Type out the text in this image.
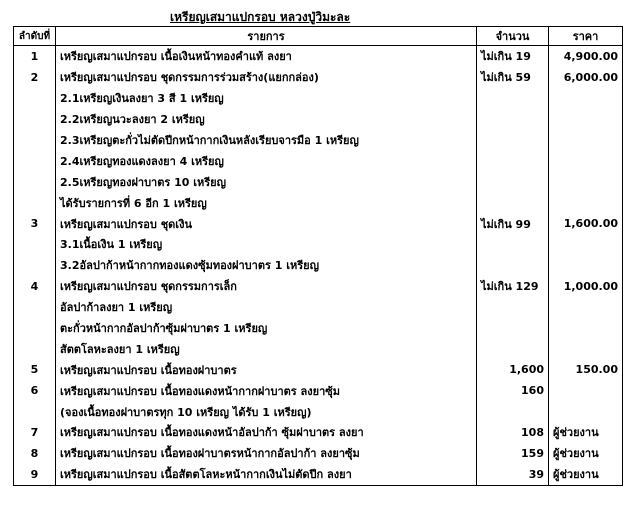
เหรียญเสมาแปกรอบ หลวงปู่วิมะละ
ลำดับที่	รายการ	จำนวน	ราคา
1	เหรียญเสมาแปกรอบ เนื้อเงินหน้าทองคำแท้ ลงยา	ไม่เกิน 19	4,900.00
2	เหรียญเสมาแปกรอบ ชุดกรรมการร่วมสร้าง(แยกกล่อง)	ไม่เกิน 59	6,000.00
	2.1เหรียญเงินลงยา 3 สี 1 เหรียญ		
	2.2เหรียญนวะลงยา 2 เหรียญ		
	2.3เหรียญตะกั่วไม่ตัดปีกหน้ากากเงินหลังเรียบจารมือ 1 เหรียญ		
	2.4เหรียญทองแดงลงยา 4 เหรียญ		
	2.5เหรียญทองฝาบาตร 10 เหรียญ		
	ได้รับรายการที่ 6 อีก 1 เหรียญ		
3	เหรียญเสมาแปกรอบ ชุดเงิน	ไม่เกิน 99	1,600.00
	3.1เนื้อเงิน 1 เหรียญ		
	3.2อัลปาก้าหน้ากากทองแดงซุ้มทองฝาบาตร 1 เหรียญ		
4	เหรียญเสมาแปกรอบ ชุดกรรมการเล็ก	ไม่เกิน 129	1,000.00
	อัลปาก้าลงยา 1 เหรียญ		
	ตะกั่วหน้ากากอัลปาก้าซุ้มฝาบาตร 1 เหรียญ		
	สัตตโลหะลงยา 1 เหรียญ		
5	เหรียญเสมาแปกรอบ เนื้อทองฝาบาตร	1,600	150.00
6	เหรียญเสมาแปกรอบ เนื้อทองแดงหน้ากากฝาบาตร ลงยาซุ้ม	160	
	(จองเนื้อทองฝาบาตรทุก 10 เหรียญ ได้รับ 1 เหรียญ)		
7	เหรียญเสมาแปกรอบ เนื้อทองแดงหน้าอัลปาก้า ซุ้มฝาบาตร ลงยา	108	ผู้ช่วยงาน
8	เหรียญเสมาแปกรอบ เนื้อทองฝาบาตรหน้ากากอัลปาก้า ลงยาซุ้ม	159	ผู้ช่วยงาน
9	เหรียญเสมาแปกรอบ เนื้อสัตตโลหะหน้ากากเงินไม่ตัดปีก ลงยา	39	ผู้ช่วยงาน
